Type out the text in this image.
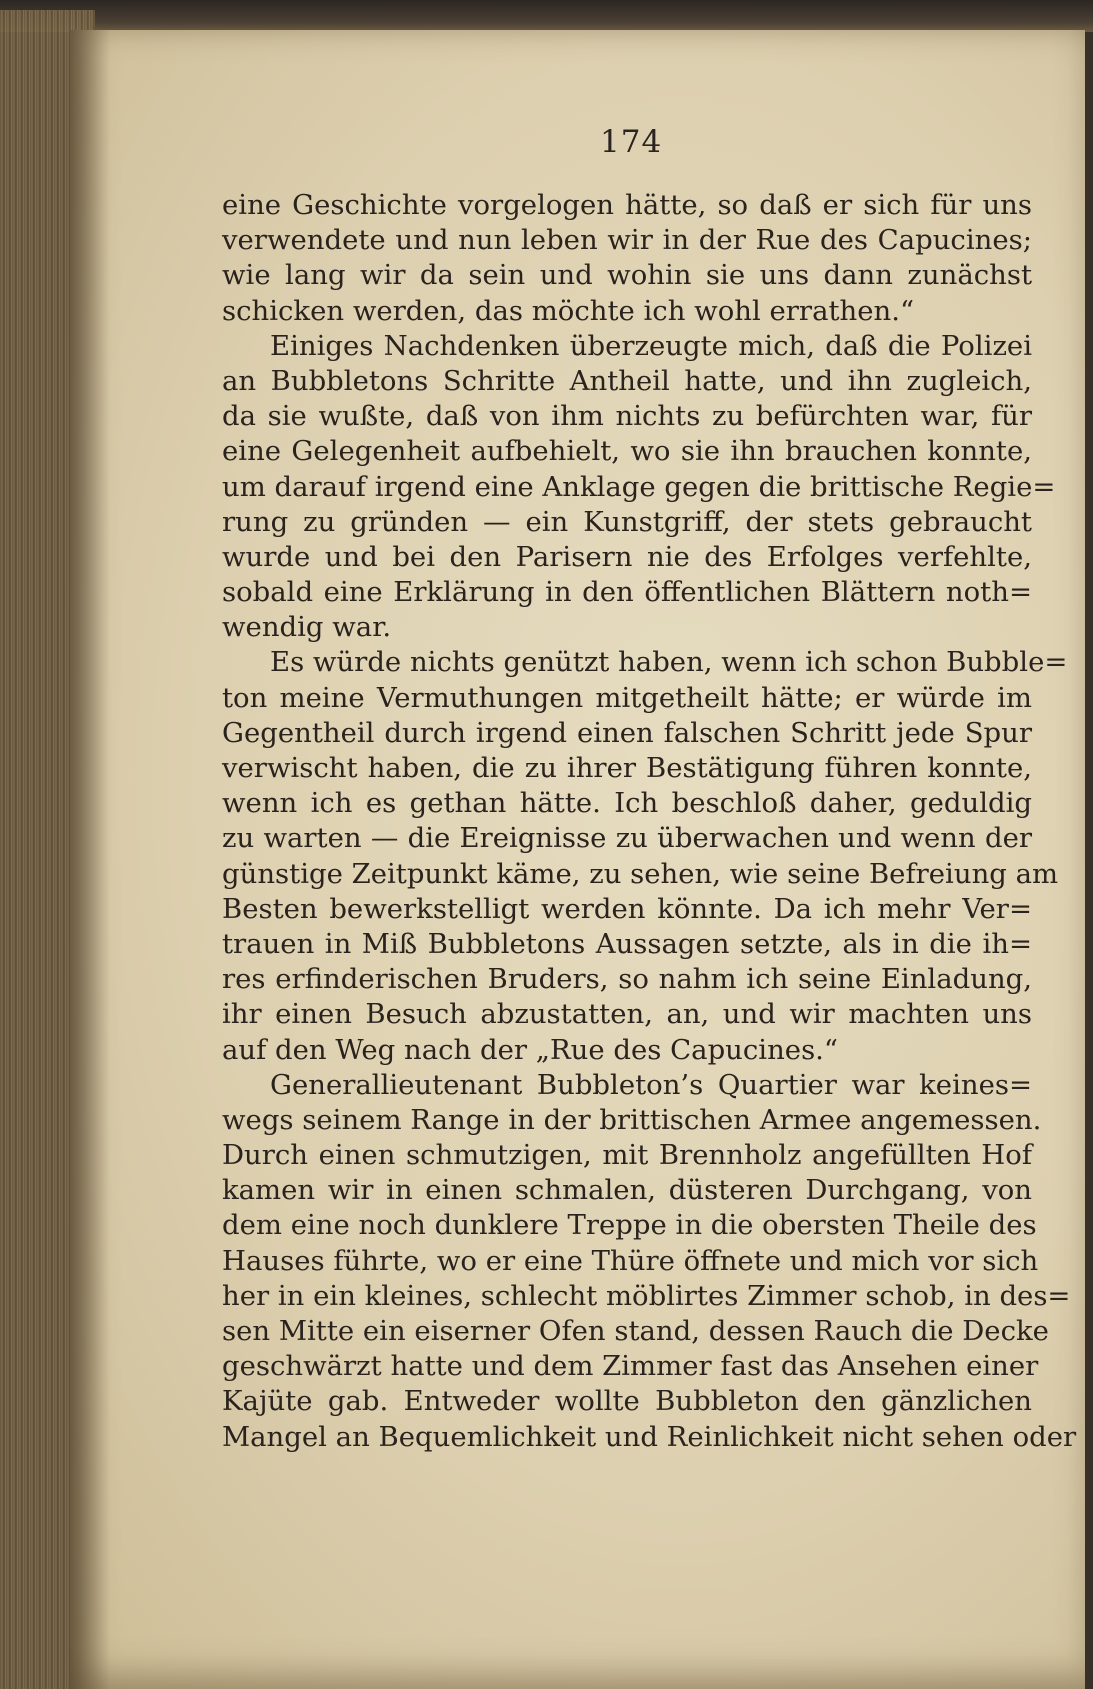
174
eine Geschichte vorgelogen hätte, so daß er sich für uns
verwendete und nun leben wir in der Rue des Capucines;
wie lang wir da sein und wohin sie uns dann zunächst
schicken werden, das möchte ich wohl errathen.“
Einiges Nachdenken überzeugte mich, daß die Polizei
an Bubbletons Schritte Antheil hatte, und ihn zugleich,
da sie wußte, daß von ihm nichts zu befürchten war, für
eine Gelegenheit aufbehielt, wo sie ihn brauchen konnte,
um darauf irgend eine Anklage gegen die brittische Regie=
rung zu gründen — ein Kunstgriff, der stets gebraucht
wurde und bei den Parisern nie des Erfolges verfehlte,
sobald eine Erklärung in den öffentlichen Blättern noth=
wendig war.
Es würde nichts genützt haben, wenn ich schon Bubble=
ton meine Vermuthungen mitgetheilt hätte; er würde im
Gegentheil durch irgend einen falschen Schritt jede Spur
verwischt haben, die zu ihrer Bestätigung führen konnte,
wenn ich es gethan hätte. Ich beschloß daher, geduldig
zu warten — die Ereignisse zu überwachen und wenn der
günstige Zeitpunkt käme, zu sehen, wie seine Befreiung am
Besten bewerkstelligt werden könnte. Da ich mehr Ver=
trauen in Miß Bubbletons Aussagen setzte, als in die ih=
res erfinderischen Bruders, so nahm ich seine Einladung,
ihr einen Besuch abzustatten, an, und wir machten uns
auf den Weg nach der „Rue des Capucines.“
Generallieutenant Bubbleton’s Quartier war keines=
wegs seinem Range in der brittischen Armee angemessen.
Durch einen schmutzigen, mit Brennholz angefüllten Hof
kamen wir in einen schmalen, düsteren Durchgang, von
dem eine noch dunklere Treppe in die obersten Theile des
Hauses führte, wo er eine Thüre öffnete und mich vor sich
her in ein kleines, schlecht möblirtes Zimmer schob, in des=
sen Mitte ein eiserner Ofen stand, dessen Rauch die Decke
geschwärzt hatte und dem Zimmer fast das Ansehen einer
Kajüte gab. Entweder wollte Bubbleton den gänzlichen
Mangel an Bequemlichkeit und Reinlichkeit nicht sehen oder
